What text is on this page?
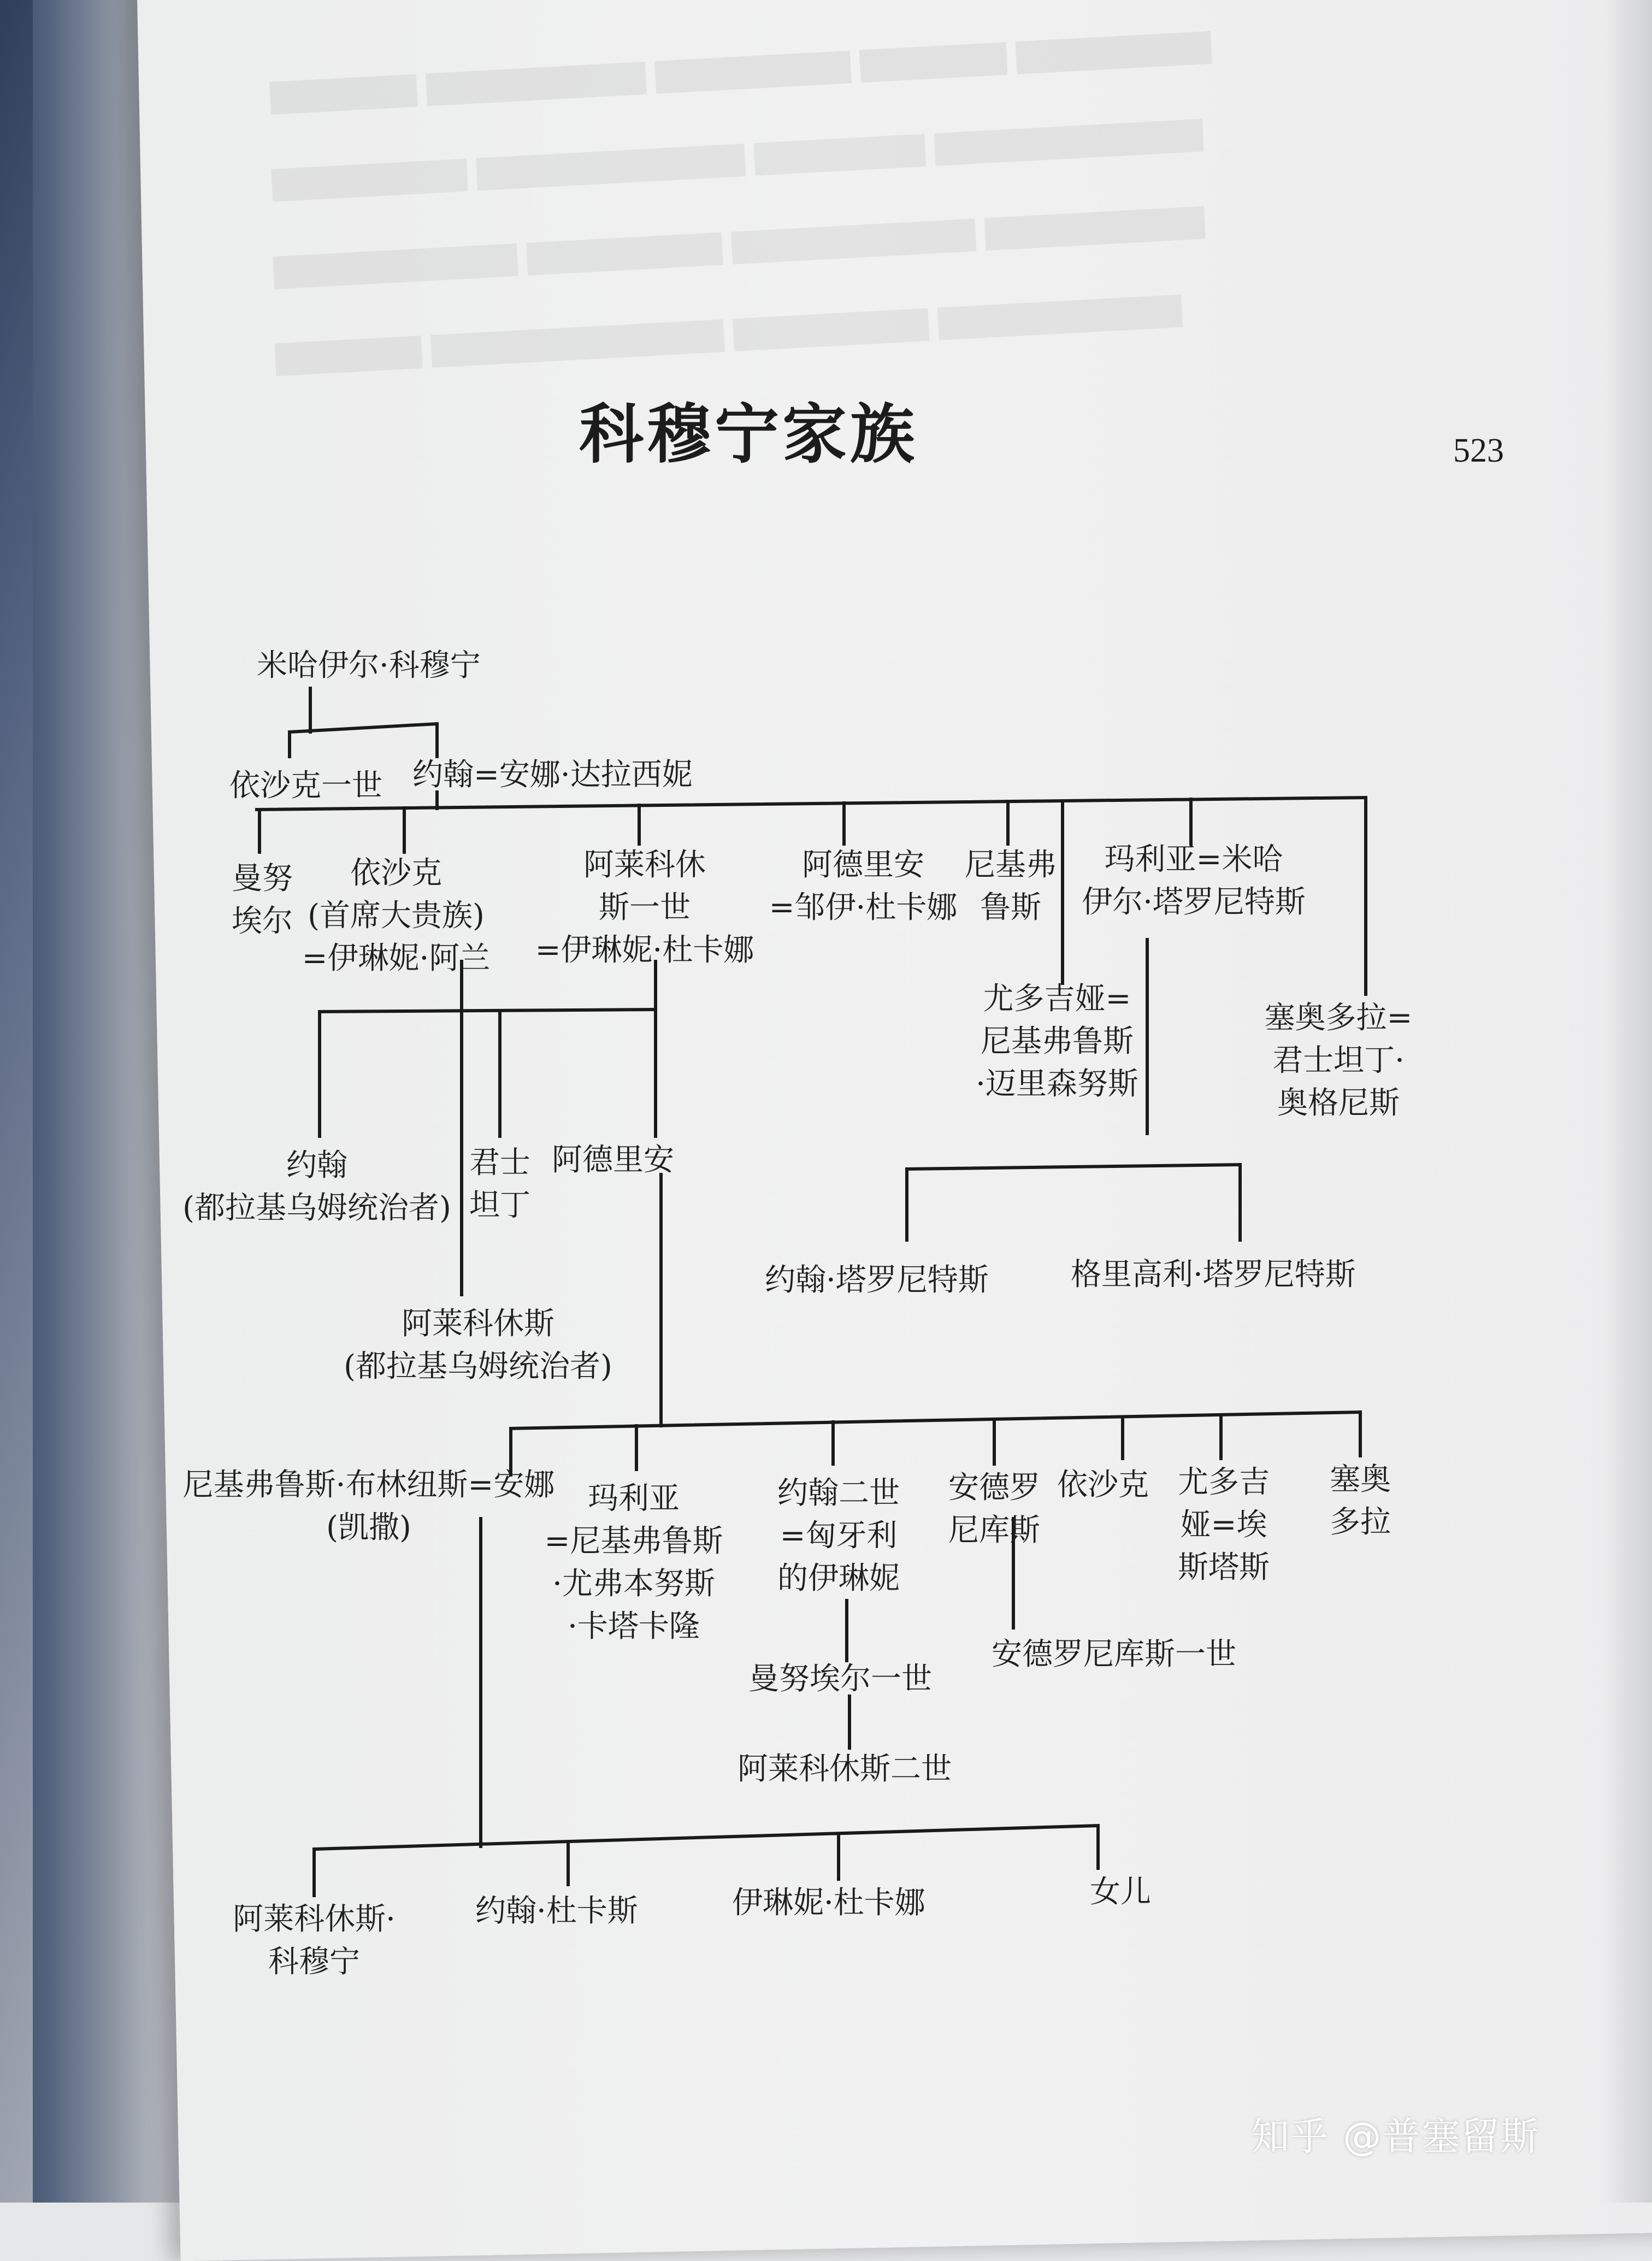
▇▇▇▇▇▇ ▇▇▇▇▇▇▇▇▇ ▇▇▇▇▇▇▇▇ ▇▇▇▇▇▇ ▇▇▇▇▇▇▇▇
▇▇▇▇▇▇▇▇ ▇▇▇▇▇▇▇▇▇▇▇ ▇▇▇▇▇▇▇ ▇▇▇▇▇▇▇▇▇▇▇
▇▇▇▇▇▇▇▇▇▇ ▇▇▇▇▇▇▇▇ ▇▇▇▇▇▇▇▇▇▇ ▇▇▇▇▇▇▇▇▇
▇▇▇▇▇▇ ▇▇▇▇▇▇▇▇▇▇▇▇ ▇▇▇▇▇▇▇▇ ▇▇▇▇▇▇▇▇▇▇
科穆宁家族	523
米哈伊尔·科穆宁
依沙克一世 约翰=安娜·达拉西妮
曼努
埃尔
依沙克
(首席大贵族)
=伊琳妮·阿兰
阿莱科休
斯一世
=伊琳妮·杜卡娜
阿德里安
=邹伊·杜卡娜
尼基弗
鲁斯
玛利亚=米哈
伊尔·塔罗尼特斯
尤多吉娅=
尼基弗鲁斯
·迈里森努斯
塞奥多拉=
君士坦丁·
奥格尼斯
约翰
(都拉基乌姆统治者)
君士
坦丁
阿德里安
阿莱科休斯
(都拉基乌姆统治者)
约翰·塔罗尼特斯	格里高利·塔罗尼特斯
尼基弗鲁斯·布林纽斯=安娜
(凯撒)
玛利亚
=尼基弗鲁斯
·尤弗本努斯
·卡塔卡隆
约翰二世
=匈牙利
的伊琳妮
安德罗
尼库斯
依沙克 尤多吉
娅=埃
斯塔斯
塞奥
多拉
曼努埃尔一世
安德罗尼库斯一世
阿莱科休斯二世
阿莱科休斯·
科穆宁
约翰·杜卡斯	伊琳妮·杜卡娜	女儿
知乎 @普塞留斯
